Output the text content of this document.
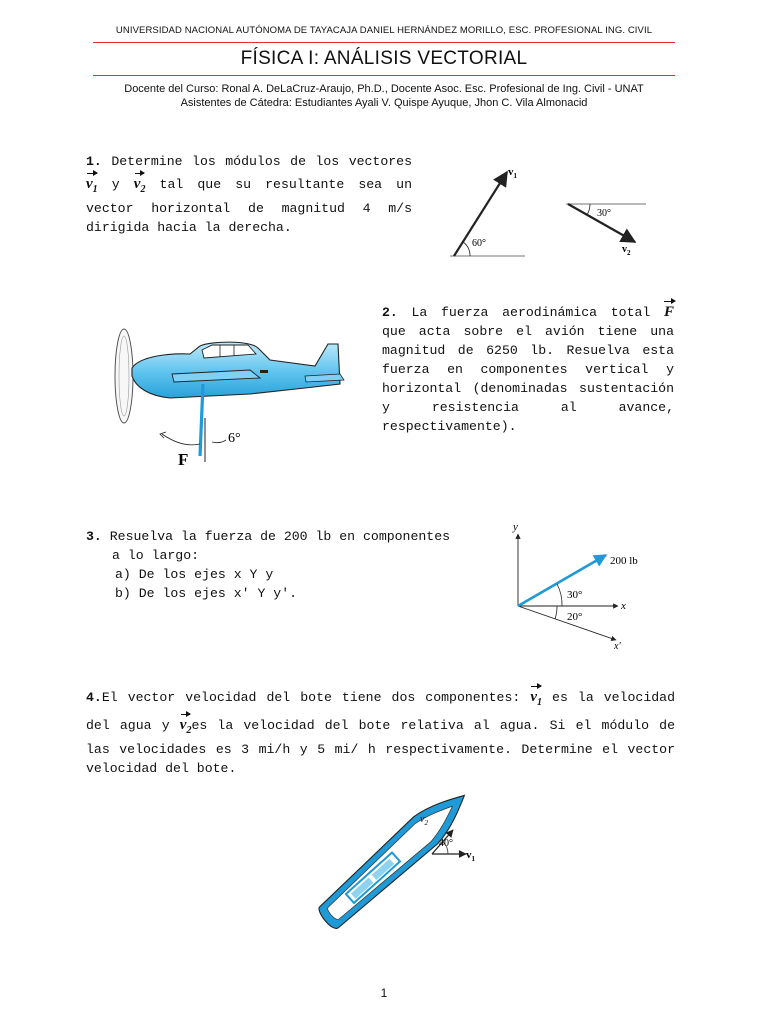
UNIVERSIDAD NACIONAL AUTÓNOMA DE TAYACAJA DANIEL HERNÁNDEZ MORILLO, ESC. PROFESIONAL ING. CIVIL
FÍSICA I: ANÁLISIS VECTORIAL
Docente del Curso: Ronal A. DeLaCruz-Araujo, Ph.D., Docente Asoc. Esc. Profesional de Ing. Civil - UNAT
Asistentes de Cátedra: Estudiantes Ayali V. Quispe Ayuque, Jhon C. Vila Almonacid
1. Determine los módulos de los vectores $v_1$ y $v_2$ tal que su resultante sea un vector horizontal de magnitud 4 m/s dirigida hacia la derecha.
60°
$v_1$
30°
$v_2$
6°
F
2. La fuerza aerodinámica total F que acta sobre el avión tiene una magnitud de 6250 lb. Resuelva esta fuerza en componentes vertical y horizontal (denominadas sustentación y resistencia al avance, respectivamente).
3. Resuelva la fuerza de 200 lb en componentes
a lo largo:
a) De los ejes x Y y
b) De los ejes x' Y y'.
y
x
x'
200 lb
30°
20°
4.El vector velocidad del bote tiene dos componentes: $v_1$ es la velocidad del agua y $v_2es$ la velocidad del bote relativa al agua. Si el módulo de las velocidades es 3 mi/h y 5 mi/ h respectivamente. Determine el vector velocidad del bote.
40°
$v_1$
$v_2$
1
